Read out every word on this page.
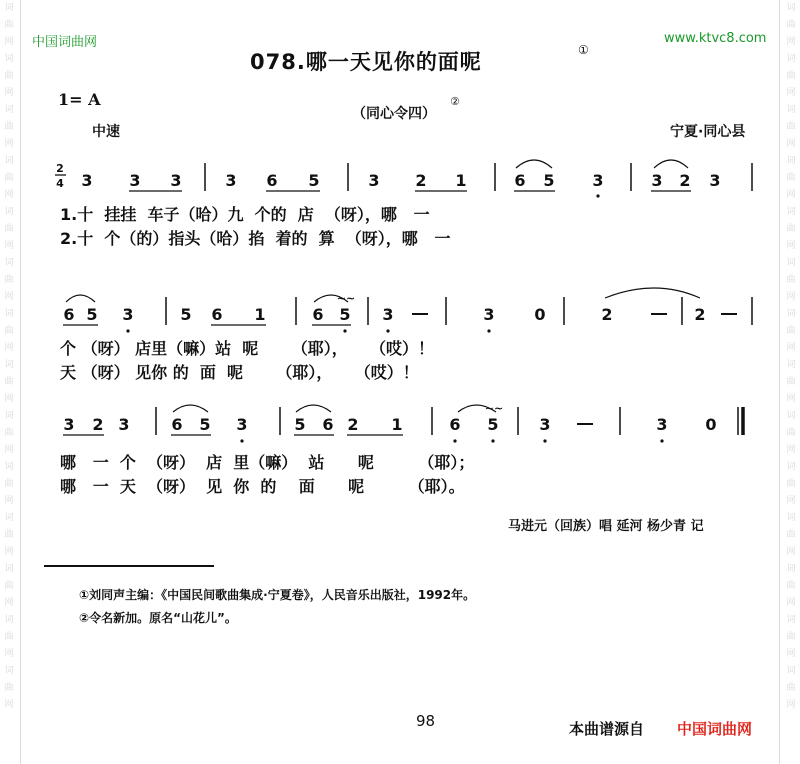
词曲网词曲网词曲网词曲网词曲网词曲网词曲网词曲网词曲网词曲网词曲网词曲网词曲网词曲网
词曲网词曲网词曲网词曲网词曲网词曲网词曲网词曲网词曲网词曲网词曲网词曲网词曲网词曲网
中国词曲网	www.ktvc8.com
078.哪一天见你的面呢	①
1= A
（同心令四）
②
中速	宁夏·同心县
2
4 3 3 3	3 6 5	3 2 1	6 5 3	3 2 3
6 5 3	5 6 1	6 5
~~
3	3 0	2	2
3 2 3	6 5 3	5 6 2 1	6 5
~~
3	3 0
1.十  挂挂  车子（哈）九  个的  店  （呀），哪   一
2.十  个（的）指头（哈）掐  着的  算  （呀），哪   一
个 （呀） 店里（嘛）站  呢      （耶），    （哎）！
天 （呀） 见你 的  面  呢      （耶），    （哎）！
哪   一  个  （呀）  店  里（嘛）  站      呢        （耶）；
哪   一  天  （呀）  见  你  的    面      呢        （耶）。
马进元（回族）唱 延河 杨少青 记
①刘同声主编：《中国民间歌曲集成·宁夏卷》，人民音乐出版社，1992年。
②令名新加。原名“山花儿”。
98	本曲谱源自 中国词曲网
